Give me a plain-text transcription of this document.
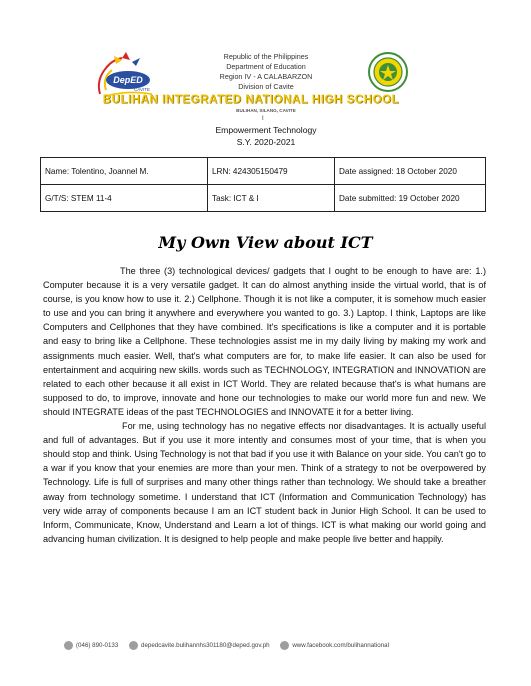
DepED
CAVITE
Republic of the Philippines
Department of Education
Region IV - A CALABARZON
Division of Cavite
BULIHAN INTEGRATED NATIONAL HIGH SCHOOL
BULIHAN, SILANG, CAVITE
I
Empowerment Technology
S.Y. 2020-2021
Name: Tolentino, Joannel M.	LRN: 424305150479	Date assigned: 18 October 2020
G/T/S: STEM 11-4	Task: ICT & I	Date submitted: 19 October 2020
My Own View about ICT

The three (3) technological devices/ gadgets that I ought to be enough to have are: 1.) Computer because it is a very versatile gadget. It can do almost anything inside the virtual world, that is of course, is you know how to use it. 2.) Cellphone. Though it is not like a computer, it is somehow much easier to use and you can bring it anywhere and everywhere you wanted to go. 3.) Laptop. I think, Laptops are like Computers and Cellphones that they have combined. It's specifications is like a computer and it is portable and easy to bring like a Cellphone. These technologies assist me in my daily living by making my work and assignments much easier. Well, that's what computers are for, to make life easier. It can also be used for entertainment and acquiring new skills. words such as TECHNOLOGY, INTEGRATION and INNOVATION are related to each other because it all exist in ICT World. They are related because that's is what humans are supposed to do, to improve, innovate and hone our technologies to make our world more fun and new. We should INTEGRATE ideas of the past TECHNOLOGIES and INNOVATE it for a better living.

For me, using technology has no negative effects nor disadvantages. It is actually useful and full of advantages. But if you use it more intently and consumes most of your time, that is when you should stop and think. Using Technology is not that bad if you use it with Balance on your side. You can't go to a war if you know that your enemies are more than your men. Think of a strategy to not be overpowered by Technology. Life is full of surprises and many other things rather than technology. We should take a breather away from technology sometime. I understand that ICT (Information and Communication Technology) has very wide array of components because I am an ICT student back in Junior High School. It can be used to Inform, Communicate, Know, Understand and Learn a lot of things. ICT is what making our world going and advancing human civilization. It is designed to help people and make people live better and happily.

(046) 890-0133
	depedcavite.bulihannhs301180@deped.gov.ph
	www.facebook.com/bulihannational
